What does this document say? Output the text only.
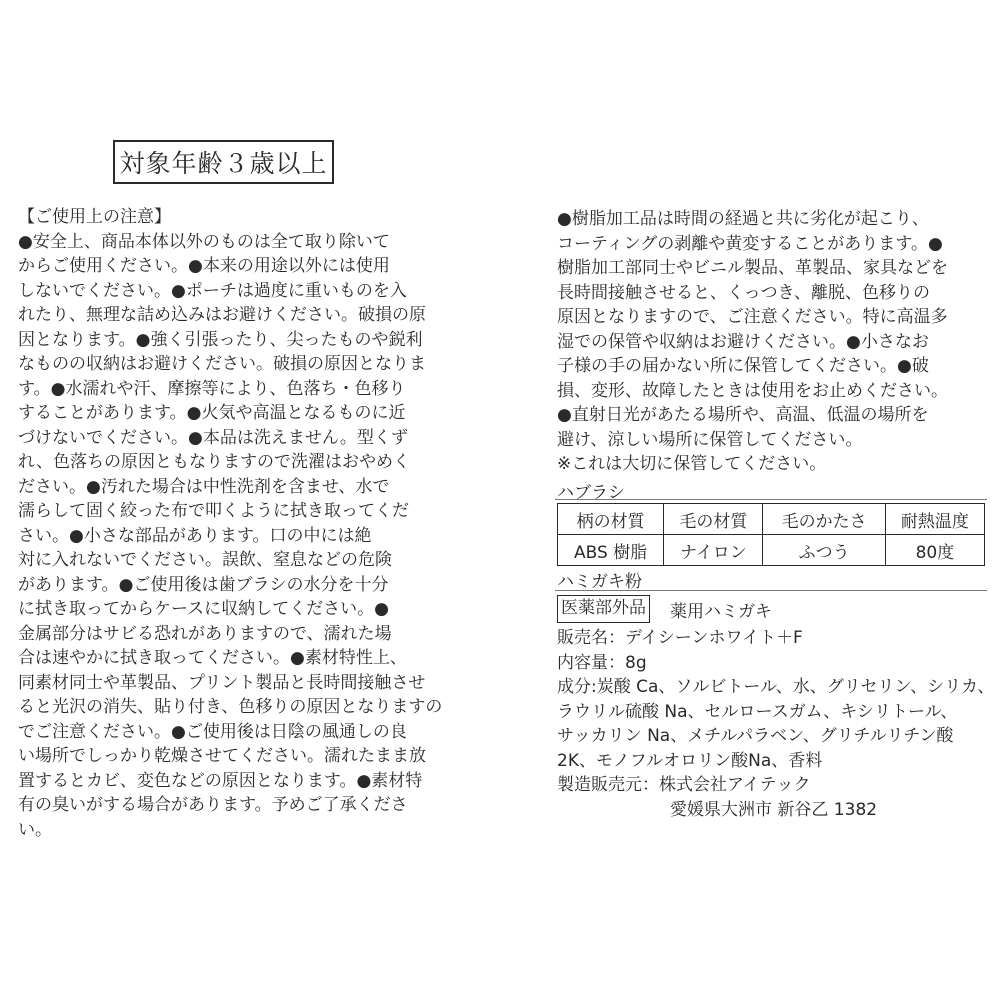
対象年齢３歳以上
【ご使用上の注意】
●安全上、商品本体以外のものは全て取り除いて
からご使用ください。●本来の用途以外には使用
しないでください。●ポーチは過度に重いものを入
れたり、無理な詰め込みはお避けください。破損の原
因となります。●強く引張ったり、尖ったものや鋭利
なものの収納はお避けください。破損の原因となりま
す。●水濡れや汗、摩擦等により、色落ち・色移り
することがあります。●火気や高温となるものに近
づけないでください。●本品は洗えません。型くず
れ、色落ちの原因ともなりますので洗濯はおやめく
ださい。●汚れた場合は中性洗剤を含ませ、水で
濡らして固く絞った布で叩くように拭き取ってくだ
さい。●小さな部品があります。口の中には絶
対に入れないでください。誤飲、窒息などの危険
があります。●ご使用後は歯ブラシの水分を十分
に拭き取ってからケースに収納してください。●
金属部分はサビる恐れがありますので、濡れた場
合は速やかに拭き取ってください。●素材特性上、
同素材同士や革製品、プリント製品と長時間接触させ
ると光沢の消失、貼り付き、色移りの原因となりますの
でご注意ください。●ご使用後は日陰の風通しの良
い場所でしっかり乾燥させてください。濡れたまま放
置するとカビ、変色などの原因となります。●素材特
有の臭いがする場合があります。予めご了承くださ
い。
●樹脂加工品は時間の経過と共に劣化が起こり、
コーティングの剥離や黄変することがあります。●
樹脂加工部同士やビニル製品、革製品、家具などを
長時間接触させると、くっつき、離脱、色移りの
原因となりますので、ご注意ください。特に高温多
湿での保管や収納はお避けください。●小さなお
子様の手の届かない所に保管してください。●破
損、変形、故障したときは使用をお止めください。
●直射日光があたる場所や、高温、低温の場所を
避け、涼しい場所に保管してください。
※これは大切に保管してください。
ハブラシ
柄の材質	毛の材質	毛のかたさ	耐熱温度
ABS 樹脂	ナイロン	ふつう	80度
ハミガキ粉
医薬部外品 薬用ハミガキ
販売名：デイシーンホワイト＋F
内容量：8g
成分:炭酸 Ca、ソルビトール、水、グリセリン、シリカ、
ラウリル硫酸 Na、セルロースガム、キシリトール、
サッカリン Na、メチルパラベン、グリチルリチン酸
2K、モノフルオロリン酸Na、香料
製造販売元：株式会社アイテック
愛媛県大洲市 新谷乙 1382
